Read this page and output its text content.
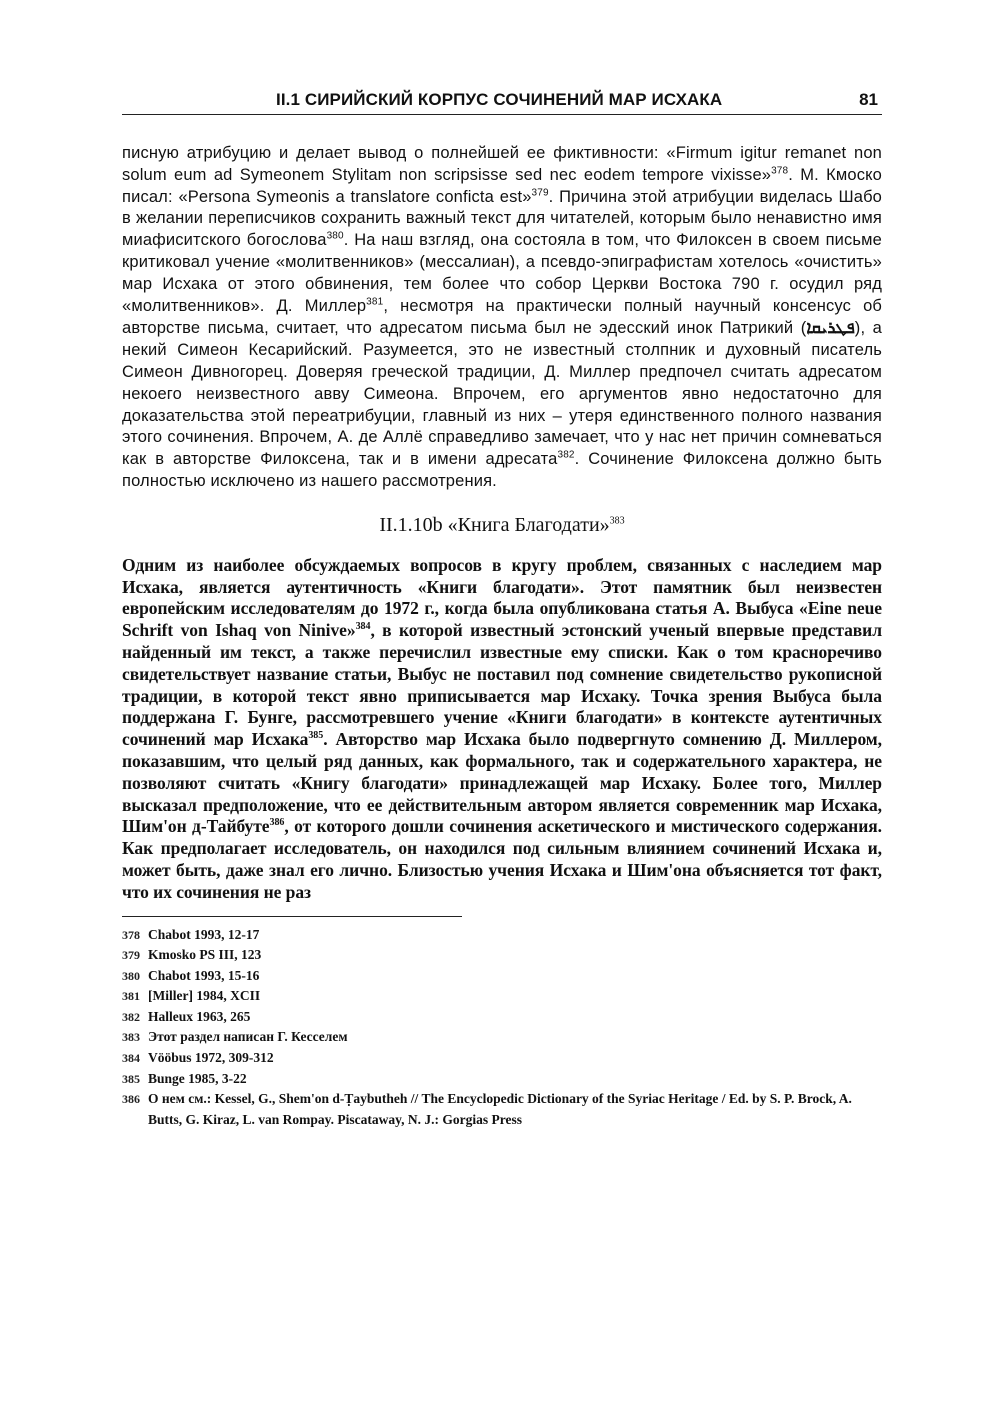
II.1 СИРИЙСКИЙ КОРПУС СОЧИНЕНИЙ МАР ИСХАКА	81

писную атрибуцию и делает вывод о полнейшей ее фиктивности: «Firmum igitur remanet non solum eum ad Symeonem Stylitam non scripsisse sed nec eodem tempore vixisse»$^{378}$. М. Кмоско писал: «Persona Symeonis a translatore conficta est»$^{379}$. Причина этой атрибуции виделась Шабо в желании переписчиков сохранить важный текст для читателей, которым было ненавистно имя миафиситского богослова$^{380}$. На наш взгляд, она состояла в том, что Филоксен в своем письме критиковал учение «молитвенников» (мессалиан), а псевдо-эпиграфистам хотелось «очистить» мар Исхака от этого обвинения, тем более что собор Церкви Востока 790 г. осудил ряд «молитвенников». Д. Миллер$^{381}$, несмотря на практически полный научный консенсус об авторстве письма, считает, что адресатом письма был не эдесский инок Патрикий (ܦܛܪܝܩܐ), а некий Симеон Кесарийский. Разумеется, это не известный столпник и духовный писатель Симеон Дивногорец. Доверяя греческой традиции, Д. Миллер предпочел считать адресатом некоего неизвестного авву Симеона. Впрочем, его аргументов явно недостаточно для доказательства этой переатрибуции, главный из них – утеря единственного полного названия этого сочинения. Впрочем, А. де Аллё справедливо замечает, что у нас нет причин сомневаться как в авторстве Филоксена, так и в имени адресата$^{382}$. Сочинение Филоксена должно быть полностью исключено из нашего рассмотрения.

II.1.10b «Книга Благодати»$^{383}$

Одним из наиболее обсуждаемых вопросов в кругу проблем, связанных с наследием мар Исхака, является аутентичность «Книги благодати». Этот памятник был неизвестен европейским исследователям до 1972 г., когда была опубликована статья А. Выбуса «Eine neue Schrift von Ishaq von Ninive»$^{384}$, в которой известный эстонский ученый впервые представил найденный им текст, а также перечислил известные ему списки. Как о том красноречиво свидетельствует название статьи, Выбус не поставил под сомнение свидетельство рукописной традиции, в которой текст явно приписывается мар Исхаку. Точка зрения Выбуса была поддержана Г. Бунге, рассмотревшего учение «Книги благодати» в контексте аутентичных сочинений мар Исхака$^{385}$. Авторство мар Исхака было подвергнуто сомнению Д. Миллером, показавшим, что целый ряд данных, как формального, так и содержательного характера, не позволяют считать «Книгу благодати» принадлежащей мар Исхаку. Более того, Миллер высказал предположение, что ее действительным автором является современник мар Исхака, Шим'он д-Тайбуте$^{386}$, от которого дошли сочинения аскетического и мистического содержания. Как предполагает исследователь, он находился под сильным влиянием сочинений Исхака и, может быть, даже знал его лично. Близостью учения Исхака и Шим'она объясняется тот факт, что их сочинения не раз

378 Chabot 1993, 12-17
379 Kmosko PS III, 123
380 Chabot 1993, 15-16
381 [Miller] 1984, XCII
382 Halleux 1963, 265
383 Этот раздел написан Г. Кесселем
384 Vööbus 1972, 309-312
385 Bunge 1985, 3-22
386 О нем см.: Kessel, G., Shem'on d-Ṭaybutheh // The Encyclopedic Dictionary of the Syriac Heritage / Ed. by S. P. Brock, A. Butts, G. Kiraz, L. van Rompay. Piscataway, N. J.: Gorgias Press
